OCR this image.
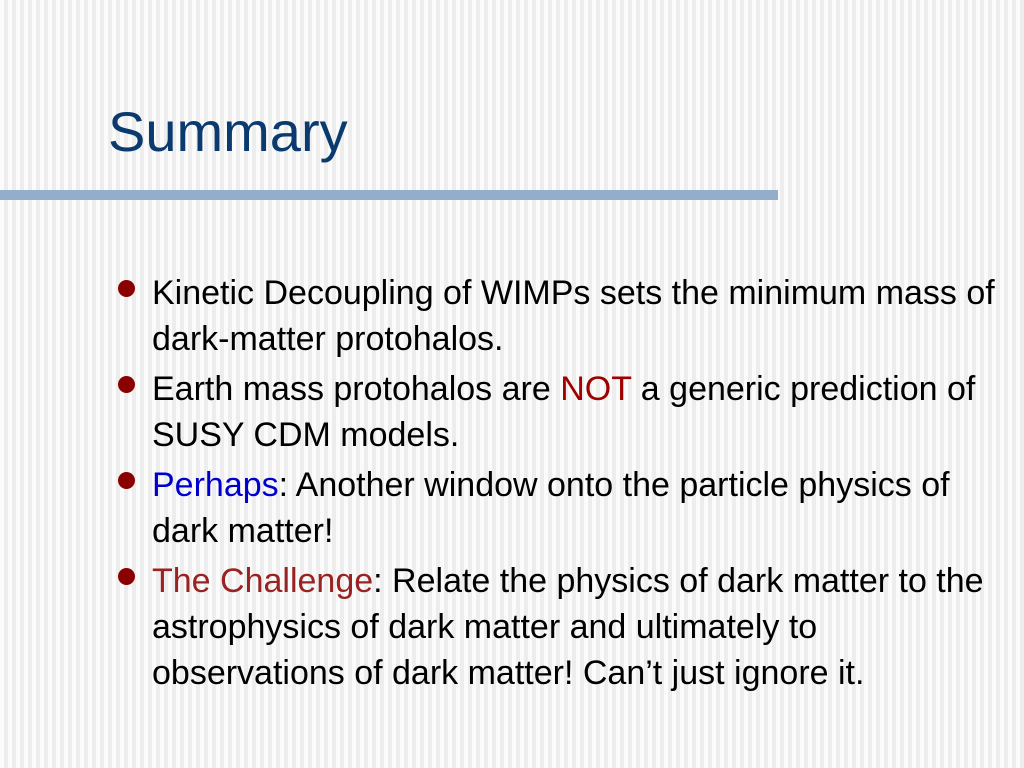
Summary
Kinetic Decoupling of WIMPs sets the minimum mass of dark-matter protohalos.
Earth mass protohalos are NOT a generic prediction of SUSY CDM models.
Perhaps: Another window onto the particle physics of dark matter!
The Challenge: Relate the physics of dark matter to the astrophysics of dark matter and ultimately to observations of dark matter! Can’t just ignore it.
